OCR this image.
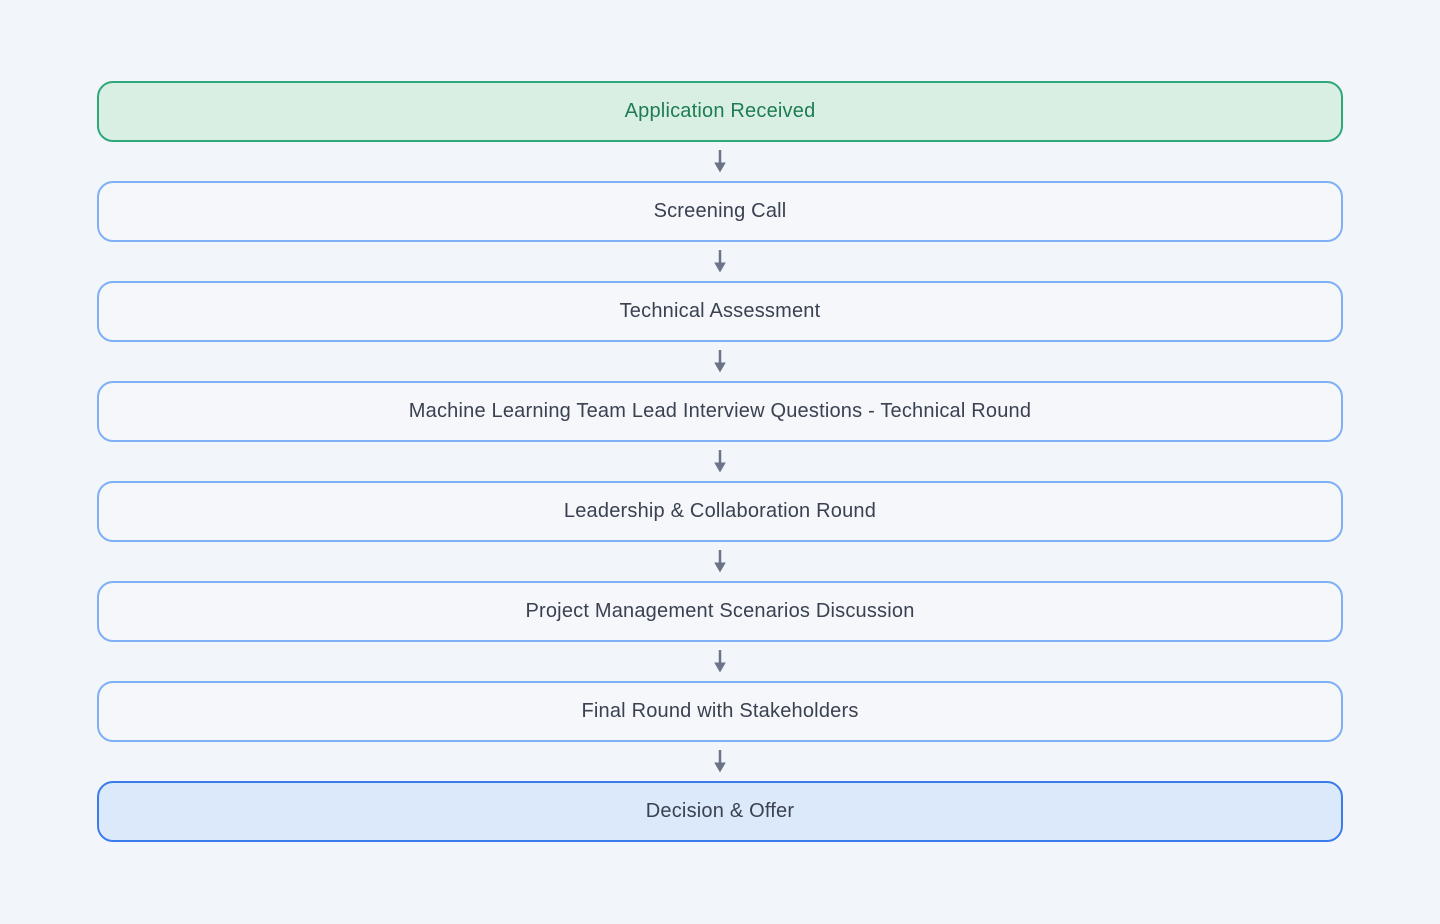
Application Received
Screening Call
Technical Assessment
Machine Learning Team Lead Interview Questions - Technical Round
Leadership & Collaboration Round
Project Management Scenarios Discussion
Final Round with Stakeholders
Decision & Offer
